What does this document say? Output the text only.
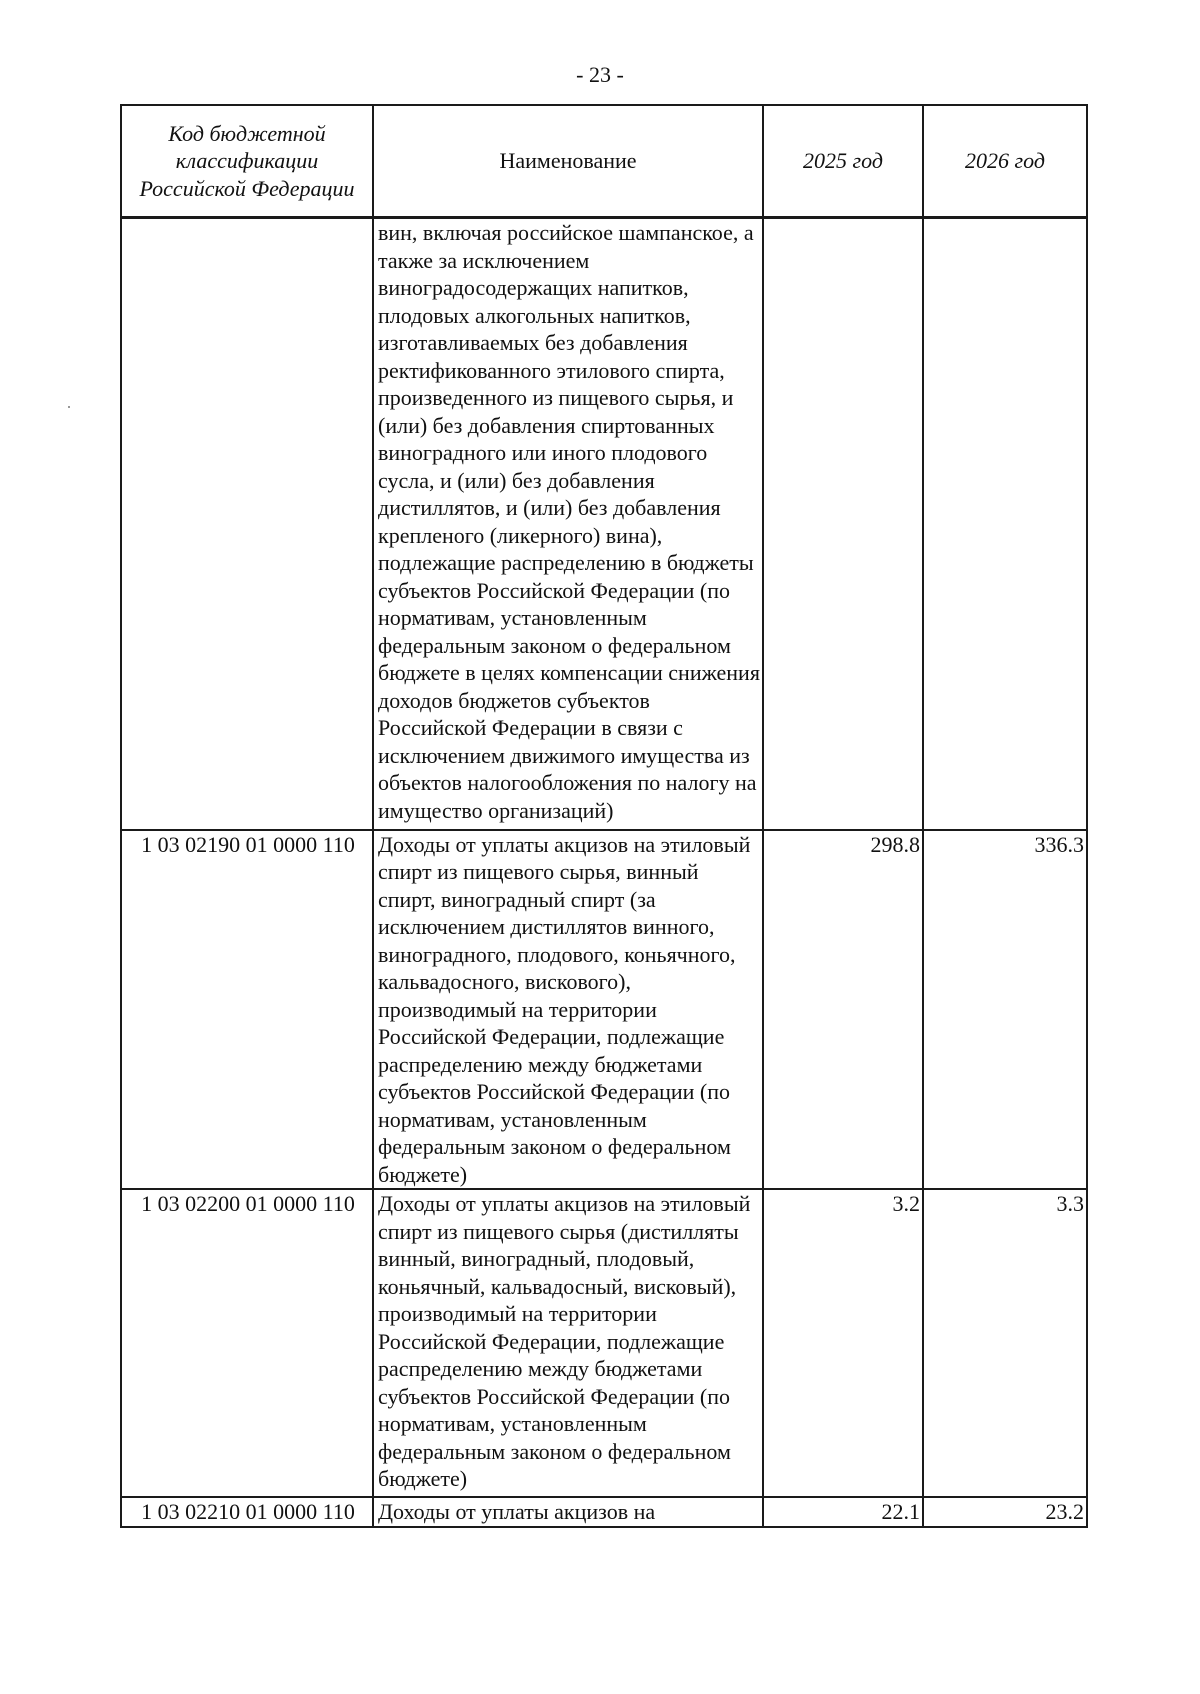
- 23 -
Код бюджетной классификации Российской Федерации	Наименование	2025 год	2026 год
	вин, включая российское шампанское, а также за исключением виноградосодержащих напитков, плодовых алкогольных напитков, изготавливаемых без добавления ректификованного этилового спирта, произведенного из пищевого сырья, и (или) без добавления спиртованных виноградного или иного плодового сусла, и (или) без добавления дистиллятов, и (или) без добавления крепленого (ликерного) вина), подлежащие распределению в бюджеты субъектов Российской Федерации (по нормативам, установленным федеральным законом о федеральном бюджете в целях компенсации снижения доходов бюджетов субъектов Российской Федерации в связи с исключением движимого имущества из объектов налогообложения по налогу на имущество организаций)		
1 03 02190 01 0000 110	Доходы от уплаты акцизов на этиловый спирт из пищевого сырья, винный спирт, виноградный спирт (за исключением дистиллятов винного, виноградного, плодового, коньячного, кальвадосного, вискового), производимый на территории Российской Федерации, подлежащие распределению между бюджетами субъектов Российской Федерации (по нормативам, установленным федеральным законом о федеральном бюджете)	298.8	336.3
1 03 02200 01 0000 110	Доходы от уплаты акцизов на этиловый спирт из пищевого сырья (дистилляты винный, виноградный, плодовый, коньячный, кальвадосный, висковый), производимый на территории Российской Федерации, подлежащие распределению между бюджетами субъектов Российской Федерации (по нормативам, установленным федеральным законом о федеральном бюджете)	3.2	3.3
1 03 02210 01 0000 110	Доходы от уплаты акцизов на	22.1	23.2
